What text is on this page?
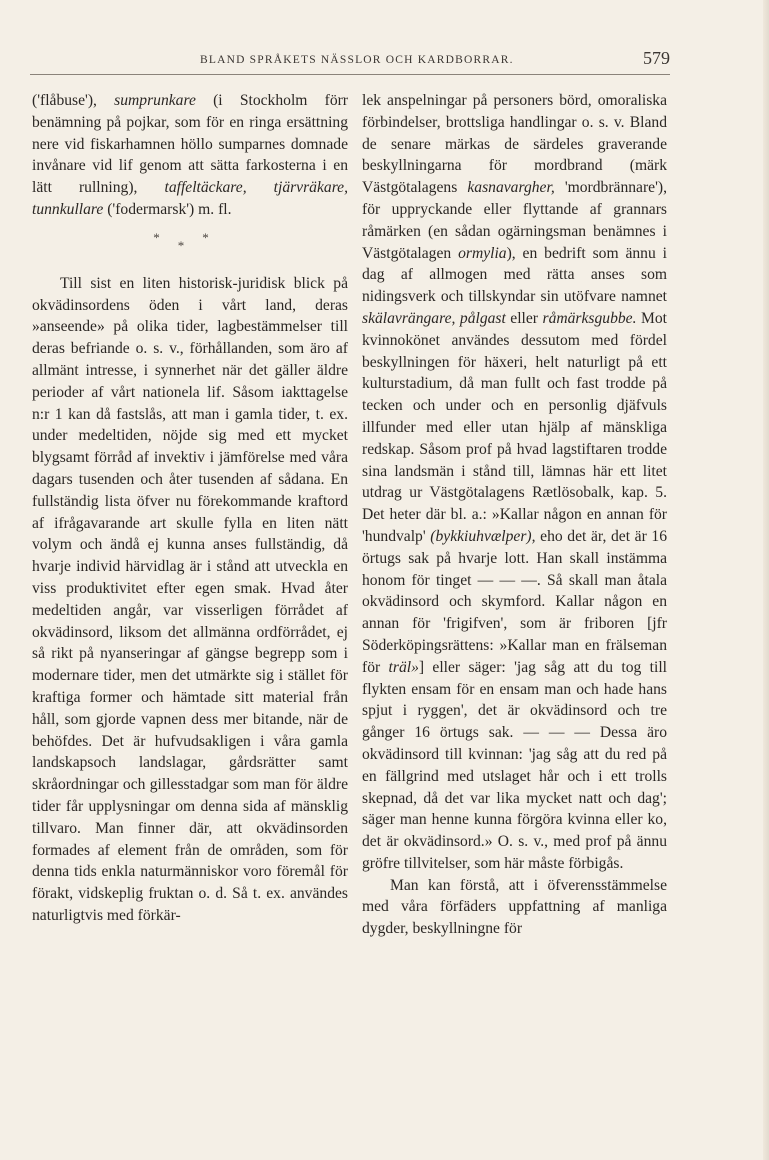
BLAND SPRÅKETS NÄSSLOR OCH KARDBORRAR.	579

('flåbuse'), sumprunkare (i Stockholm förr benämning på pojkar, som för en ringa ersättning nere vid fiskarhamnen höllo sumparnes domnade invånare vid lif genom att sätta farkosterna i en lätt rullning), taffeltäckare, tjärvräkare, tunnkullare ('fodermarsk') m. fl.

***

Till sist en liten historisk-juridisk blick på okvädinsordens öden i vårt land, deras »anseende» på olika tider, lagbestämmelser till deras befriande o. s. v., förhållanden, som äro af allmänt intresse, i synnerhet när det gäller äldre perioder af vårt nationela lif. Såsom iakttagelse n:r 1 kan då fastslås, att man i gamla tider, t. ex. under medeltiden, nöjde sig med ett mycket blygsamt förråd af invektiv i jämförelse med våra dagars tusenden och åter tusenden af sådana. En fullständig lista öfver nu förekommande kraftord af ifrågavarande art skulle fylla en liten nätt volym och ändå ej kunna anses fullständig, då hvarje individ härvidlag är i stånd att utveckla en viss produktivitet efter egen smak. Hvad åter medeltiden angår, var visserligen förrådet af okvädinsord, liksom det allmänna ordförrådet, ej så rikt på nyanseringar af gängse begrepp som i modernare tider, men det utmärkte sig i stället för kraftiga former och hämtade sitt material från håll, som gjorde vapnen dess mer bitande, när de behöfdes. Det är hufvudsakligen i våra gamla landskapsoch landslagar, gårdsrätter samt skråordningar och gillesstadgar som man för äldre tider får upplysningar om denna sida af mänsklig tillvaro. Man finner där, att okvädinsorden formades af element från de områden, som för denna tids enkla naturmänniskor voro föremål för förakt, vidskeplig fruktan o. d. Så t. ex. användes naturligtvis med förkär-

lek anspelningar på personers börd, omoraliska förbindelser, brottsliga handlingar o. s. v. Bland de senare märkas de särdeles graverande beskyllningarna för mordbrand (märk Västgötalagens kasnavargher, 'mordbrännare'), för uppryckande eller flyttande af grannars råmärken (en sådan ogärningsman benämnes i Västgötalagen ormylia), en bedrift som ännu i dag af allmogen med rätta anses som nidingsverk och tillskyndar sin utöfvare namnet skälavrängare, pålgast eller råmärksgubbe. Mot kvinnokönet användes dessutom med fördel beskyllningen för häxeri, helt naturligt på ett kulturstadium, då man fullt och fast trodde på tecken och under och en personlig djäfvuls illfunder med eller utan hjälp af mänskliga redskap. Såsom prof på hvad lagstiftaren trodde sina landsmän i stånd till, lämnas här ett litet utdrag ur Västgötalagens Rætlösobalk, kap. 5. Det heter där bl. a.: »Kallar någon en annan för 'hundvalp' (bykkiuhvælper), eho det är, det är 16 örtugs sak på hvarje lott. Han skall instämma honom för tinget — — —. Så skall man åtala okvädinsord och skymford. Kallar någon en annan för 'frigifven', som är friboren [jfr Söderköpingsrättens: »Kallar man en frälseman för träl»] eller säger: 'jag såg att du tog till flykten ensam för en ensam man och hade hans spjut i ryggen', det är okvädinsord och tre gånger 16 örtugs sak. — — — Dessa äro okvädinsord till kvinnan: 'jag såg att du red på en fällgrind med utslaget hår och i ett trolls skepnad, då det var lika mycket natt och dag'; säger man henne kunna förgöra kvinna eller ko, det är okvädinsord.» O. s. v., med prof på ännu gröfre tillvitelser, som här måste förbigås.

Man kan förstå, att i öfverensstämmelse med våra förfäders uppfattning af manliga dygder, beskyllningne för
